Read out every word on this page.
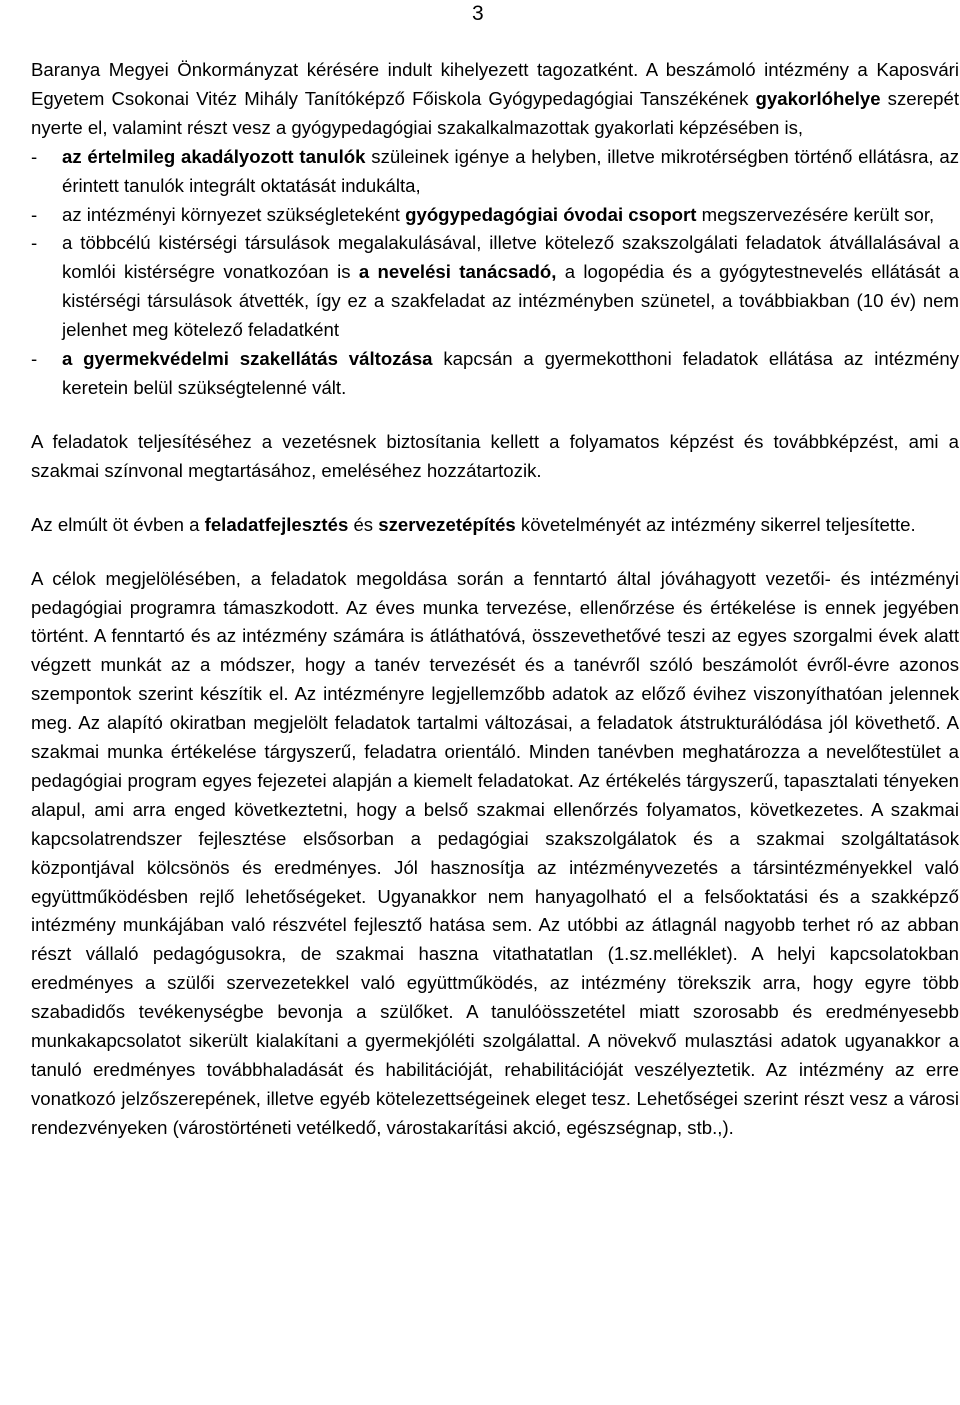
3

Baranya Megyei Önkormányzat kérésére indult kihelyezett tagozatként. A beszámoló intézmény a Kaposvári Egyetem Csokonai Vitéz Mihály Tanítóképző Főiskola Gyógypedagógiai Tanszékének gyakorlóhelye szerepét nyerte el, valamint részt vesz a gyógypedagógiai szakalkalmazottak gyakorlati képzésében is,

-	az értelmileg akadályozott tanulók szüleinek igénye a helyben, illetve mikrotérségben történő ellátásra, az érintett tanulók integrált oktatását indukálta,
-	az intézményi környezet szükségleteként gyógypedagógiai óvodai csoport megszervezésére került sor,
-	a többcélú kistérségi társulások megalakulásával, illetve kötelező szakszolgálati feladatok átvállalásával a komlói kistérségre vonatkozóan is a nevelési tanácsadó, a logopédia és a gyógytestnevelés ellátását a kistérségi társulások átvették, így ez a szakfeladat az intézményben szünetel, a továbbiakban (10 év) nem jelenhet meg kötelező feladatként
-	a gyermekvédelmi szakellátás változása kapcsán a gyermekotthoni feladatok ellátása az intézmény keretein belül szükségtelenné vált.

A feladatok teljesítéséhez a vezetésnek biztosítania kellett a folyamatos képzést és továbbképzést, ami a szakmai színvonal megtartásához, emeléséhez hozzátartozik.

Az elmúlt öt évben a feladatfejlesztés és szervezetépítés követelményét az intézmény sikerrel teljesítette.

A célok megjelölésében, a feladatok megoldása során a fenntartó által jóváhagyott vezetői- és intézményi pedagógiai programra támaszkodott. Az éves munka tervezése, ellenőrzése és értékelése is ennek jegyében történt. A fenntartó és az intézmény számára is átláthatóvá, összevethetővé teszi az egyes szorgalmi évek alatt végzett munkát az a módszer, hogy a tanév tervezését és a tanévről szóló beszámolót évről-évre azonos szempontok szerint készítik el. Az intézményre legjellemzőbb adatok az előző évihez viszonyíthatóan jelennek meg. Az alapító okiratban megjelölt feladatok tartalmi változásai, a feladatok átstrukturálódása jól követhető. A szakmai munka értékelése tárgyszerű, feladatra orientáló. Minden tanévben meghatározza a nevelőtestület a pedagógiai program egyes fejezetei alapján a kiemelt feladatokat. Az értékelés tárgyszerű, tapasztalati tényeken alapul, ami arra enged következtetni, hogy a belső szakmai ellenőrzés folyamatos, következetes. A szakmai kapcsolatrendszer fejlesztése elsősorban a pedagógiai szakszolgálatok és a szakmai szolgáltatások központjával kölcsönös és eredményes. Jól hasznosítja az intézményvezetés a társintézményekkel való együttműködésben rejlő lehetőségeket. Ugyanakkor nem hanyagolható el a felsőoktatási és a szakképző intézmény munkájában való részvétel fejlesztő hatása sem. Az utóbbi az átlagnál nagyobb terhet ró az abban részt vállaló pedagógusokra, de szakmai haszna vitathatatlan (1.sz.melléklet). A helyi kapcsolatokban eredményes a szülői szervezetekkel való együttműködés, az intézmény törekszik arra, hogy egyre több szabadidős tevékenységbe bevonja a szülőket. A tanulóösszetétel miatt szorosabb és eredményesebb munkakapcsolatot sikerült kialakítani a gyermekjóléti szolgálattal. A növekvő mulasztási adatok ugyanakkor a tanuló eredményes továbbhaladását és habilitációját, rehabilitációját veszélyeztetik. Az intézmény az erre vonatkozó jelzőszerepének, illetve egyéb kötelezettségeinek eleget tesz. Lehetőségei szerint részt vesz a városi rendezvényeken (várostörténeti vetélkedő, várostakarítási akció, egészségnap, stb.,).
